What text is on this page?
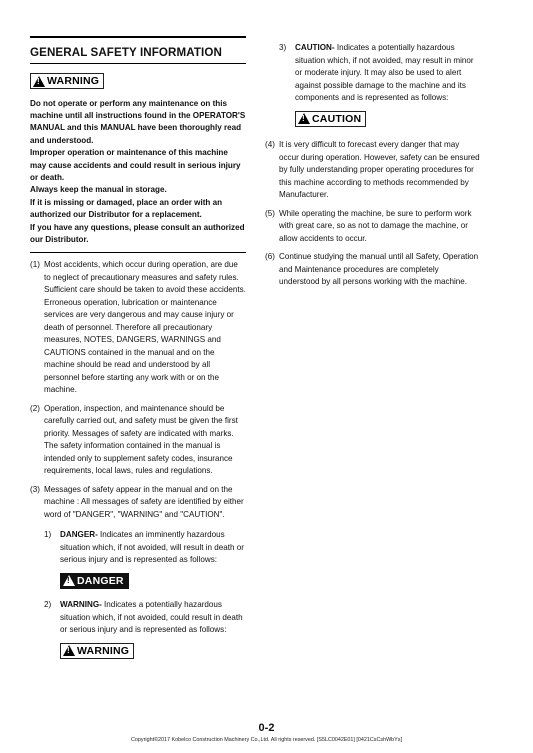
GENERAL SAFETY INFORMATION
!
WARNING

Do not operate or perform any maintenance on this machine until all instructions found in the OPERATOR'S MANUAL and this MANUAL have been thoroughly read and understood.

Improper operation or maintenance of this machine may cause accidents and could result in serious injury or death.

Always keep the manual in storage.

If it is missing or damaged, place an order with an authorized our Distributor for a replacement.

If you have any questions, please consult an authorized our Distributor.

(1) Most accidents, which occur during operation, are due to neglect of precautionary measures and safety rules. Sufficient care should be taken to avoid these accidents. Erroneous operation, lubrication or maintenance services are very dangerous and may cause injury or death of personnel. Therefore all precautionary measures, NOTES, DANGERS, WARNINGS and CAUTIONS contained in the manual and on the machine should be read and understood by all personnel before starting any work with or on the machine.
(2) Operation, inspection, and maintenance should be carefully carried out, and safety must be given the first priority. Messages of safety are indicated with marks. The safety information contained in the manual is intended only to supplement safety codes, insurance requirements, local laws, rules and regulations.
(3) Messages of safety appear in the manual and on the machine : All messages of safety are identified by either word of "DANGER", "WARNING" and "CAUTION".
1)	DANGER- Indicates an imminently hazardous situation which, if not avoided, will result in death or serious injury and is represented as follows:
!
DANGER
2)	WARNING- Indicates a potentially hazardous situation which, if not avoided, could result in death or serious injury and is represented as follows:
!
WARNING
3)	CAUTION- Indicates a potentially hazardous situation which, if not avoided, may result in minor or moderate injury. It may also be used to alert against possible damage to the machine and its components and is represented as follows:
!
CAUTION
(4) It is very difficult to forecast every danger that may occur during operation. However, safety can be ensured by fully understanding proper operating procedures for this machine according to methods recommended by Manufacturer.
(5) While operating the machine, be sure to perform work with great care, so as not to damage the machine, or allow accidents to occur.
(6) Continue studying the manual until all Safety, Operation and Maintenance procedures are completely understood by all persons working with the machine.
0-2
Copyright©2017 Kobelco Construction Machinery Co.,Ltd. All rights reserved. [S5LC0042E01] [0421CsCshWbYs]
